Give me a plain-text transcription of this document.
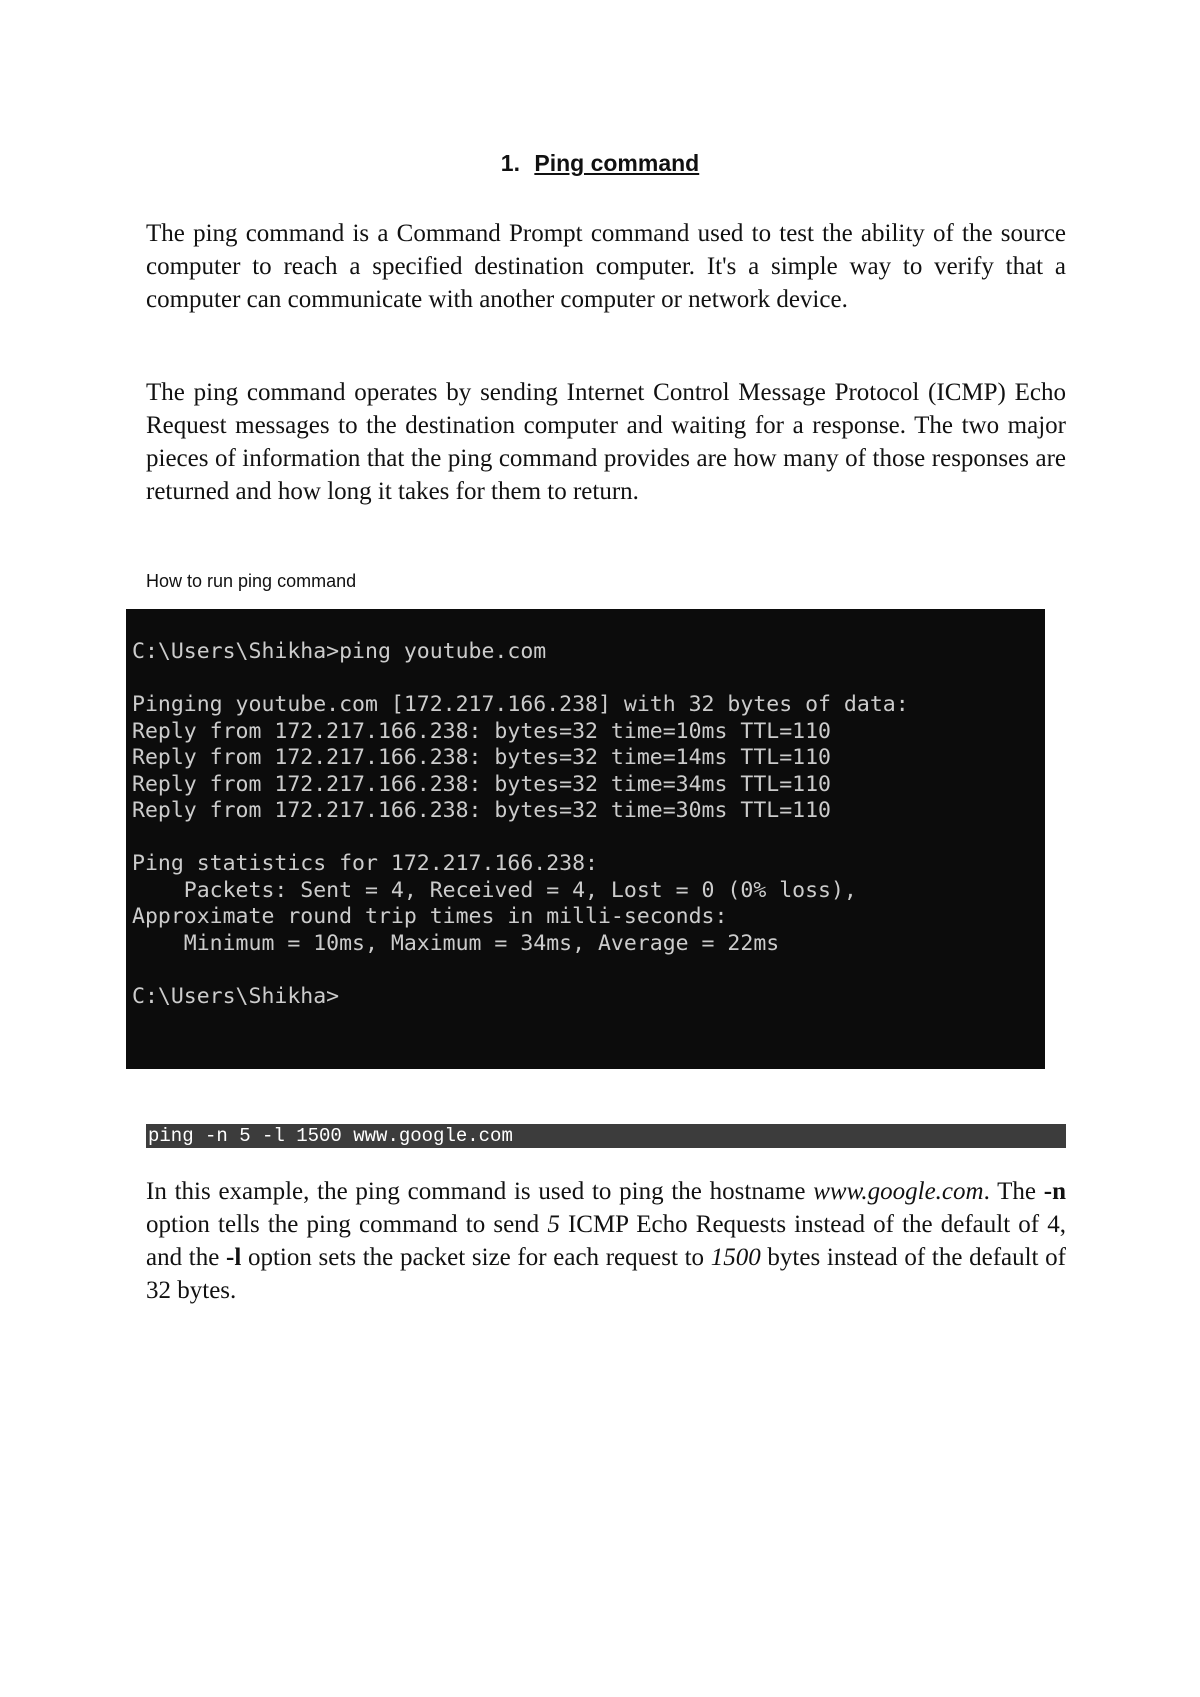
1. Ping command

The ping command is a Command Prompt command used to test the ability of the source computer to reach a specified destination computer. It's a simple way to verify that a computer can communicate with another computer or network device.

The ping command operates by sending Internet Control Message Protocol (ICMP) Echo Request messages to the destination computer and waiting for a response. The two major pieces of information that the ping command provides are how many of those responses are returned and how long it takes for them to return.

How to run ping command
C:\Users\Shikha>ping youtube.com
Pinging youtube.com [172.217.166.238] with 32 bytes of data:
Reply from 172.217.166.238: bytes=32 time=10ms TTL=110
Reply from 172.217.166.238: bytes=32 time=14ms TTL=110
Reply from 172.217.166.238: bytes=32 time=34ms TTL=110
Reply from 172.217.166.238: bytes=32 time=30ms TTL=110
Ping statistics for 172.217.166.238:
Packets: Sent = 4, Received = 4, Lost = 0 (0% loss),
Approximate round trip times in milli-seconds:
Minimum = 10ms, Maximum = 34ms, Average = 22ms
C:\Users\Shikha>
ping -n 5 -l 1500 www.google.com

In this example, the ping command is used to ping the hostname www.google.com. The -n option tells the ping command to send 5 ICMP Echo Requests instead of the default of 4, and the -l option sets the packet size for each request to 1500 bytes instead of the default of 32 bytes.
